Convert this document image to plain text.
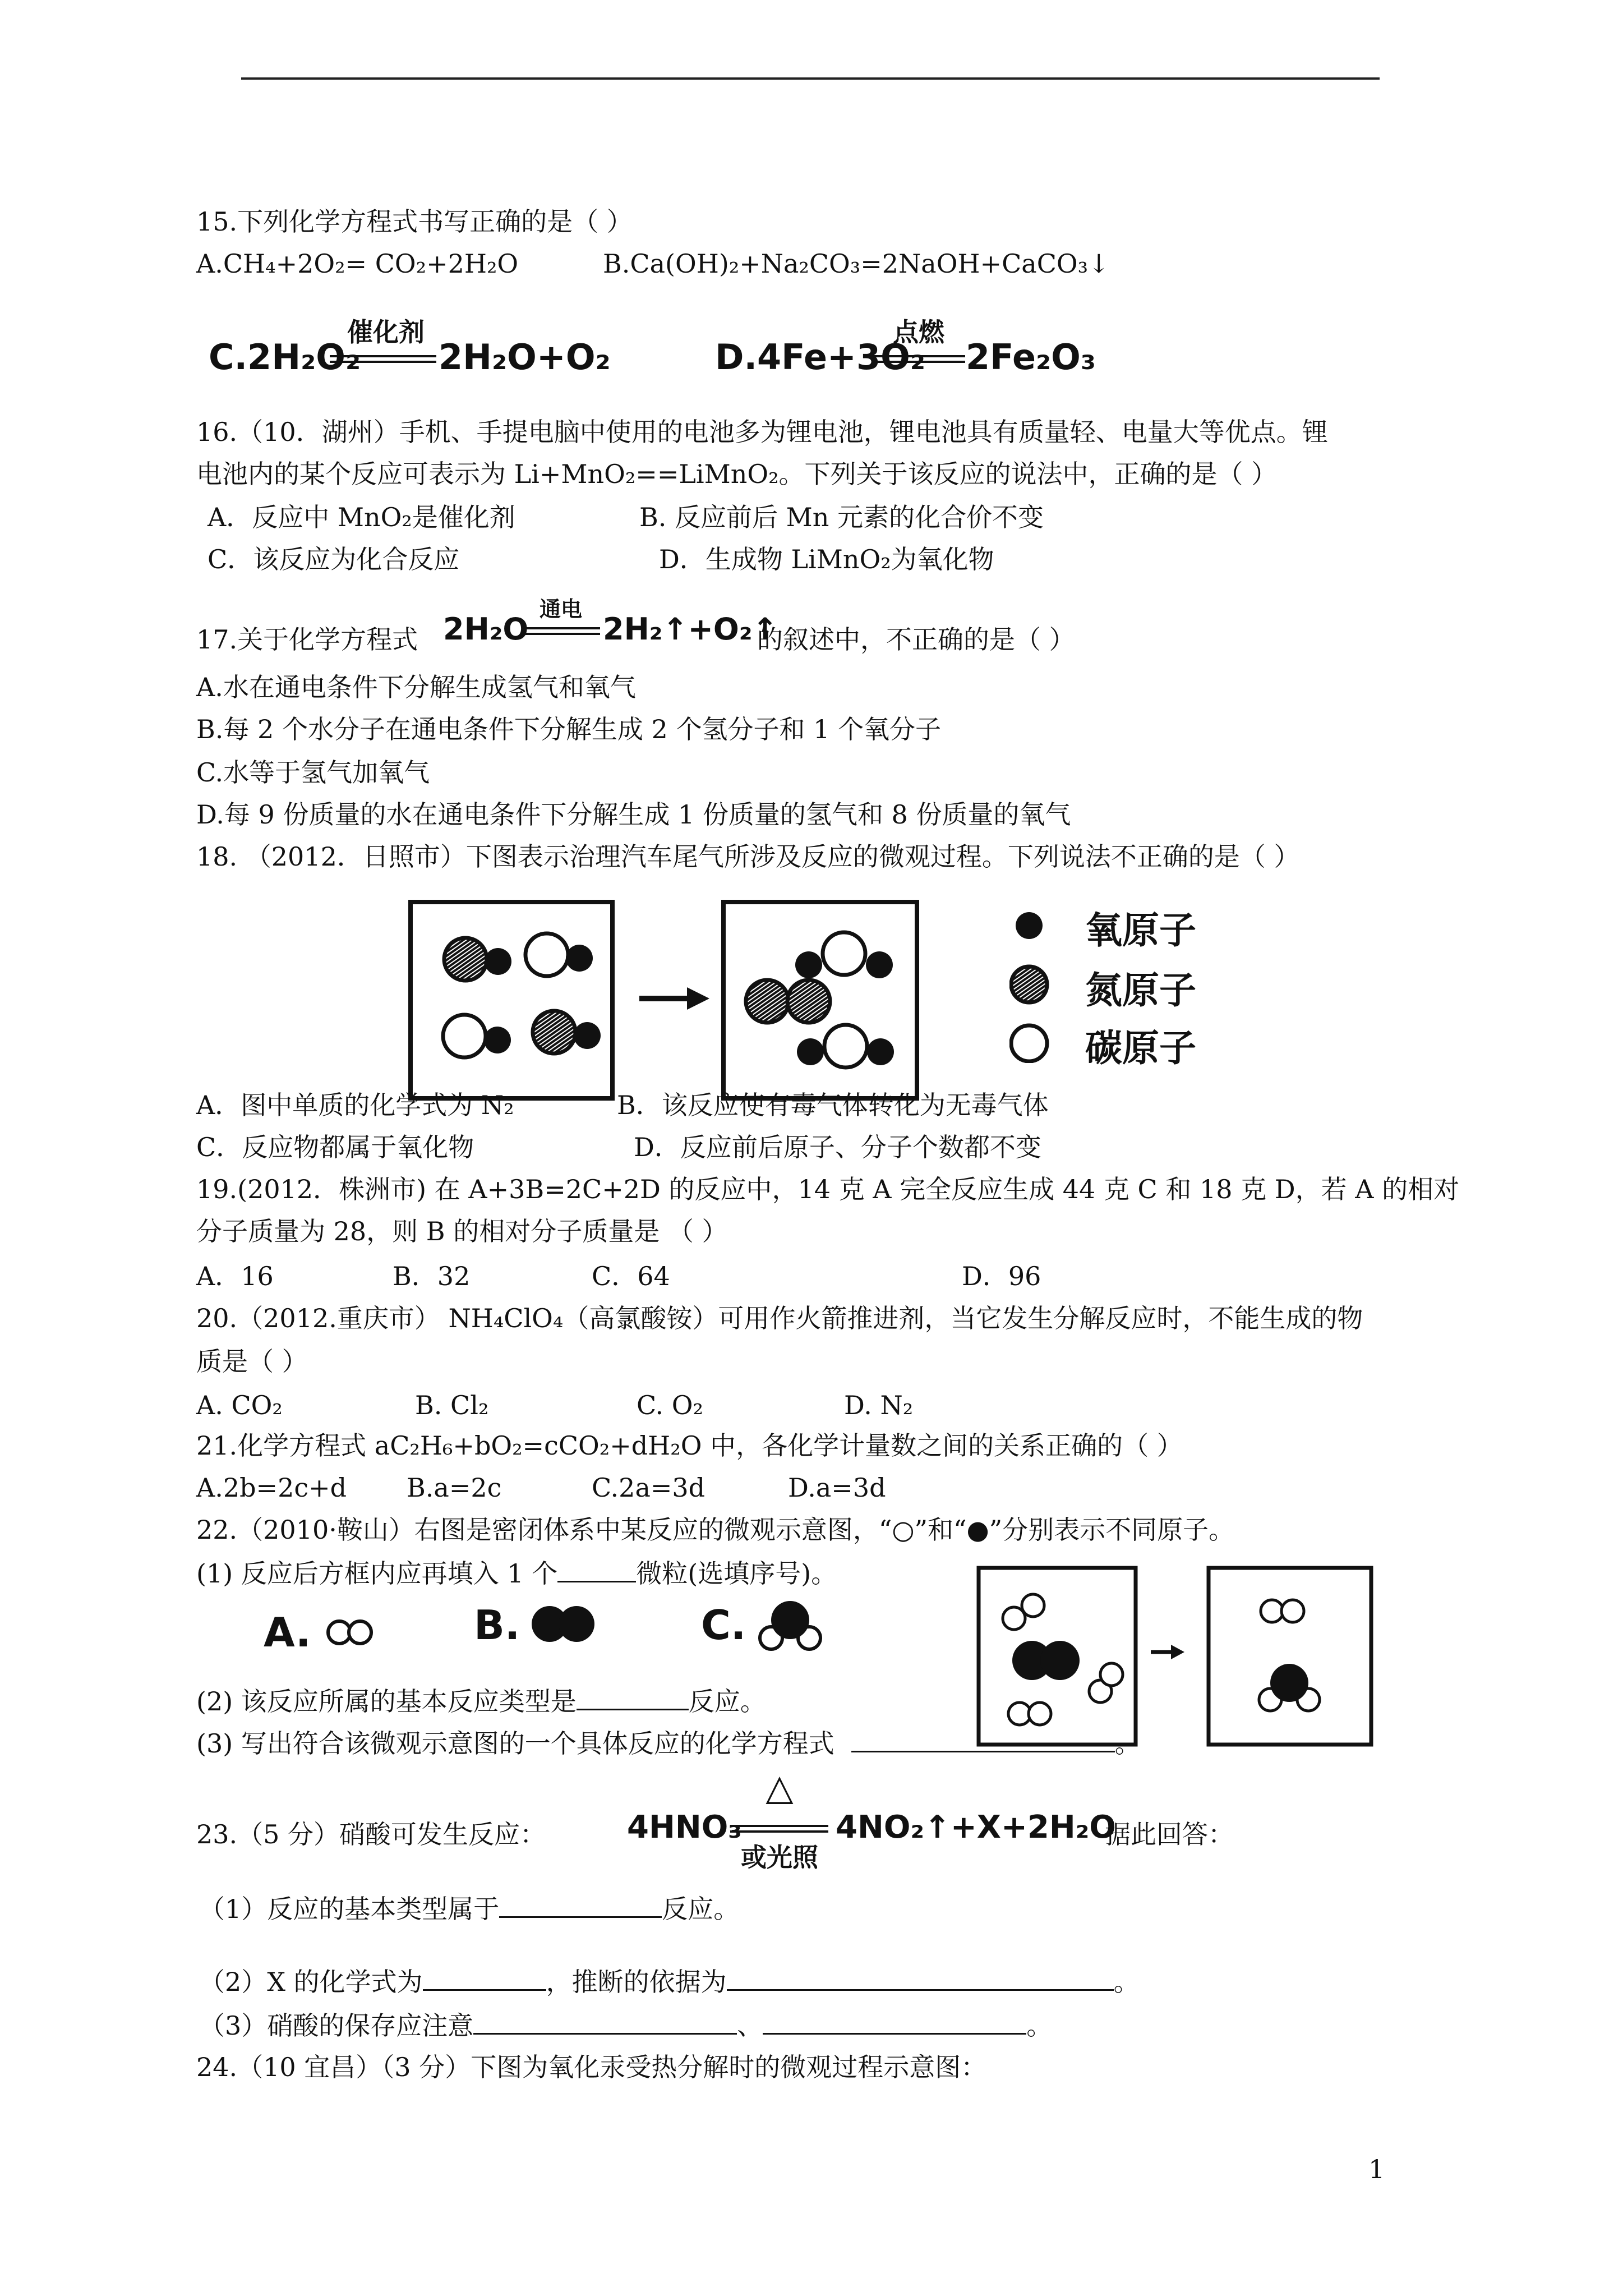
15.下列化学方程式书写正确的是（ ）
A.CH₄+2O₂= CO₂+2H₂O	B.Ca(OH)₂+Na₂CO₃=2NaOH+CaCO₃↓
C.2H₂O₂
催化剂
2H₂O+O₂	D.4Fe+3O₂
点燃
2Fe₂O₃
16.（10．湖州）手机、手提电脑中使用的电池多为锂电池，锂电池具有质量轻、电量大等优点。锂
电池内的某个反应可表示为 Li+MnO₂==LiMnO₂。下列关于该反应的说法中，正确的是（ ）
A．反应中 MnO₂是催化剂	B. 反应前后 Mn 元素的化合价不变
C．该反应为化合反应	D．生成物 LiMnO₂为氧化物
17.关于化学方程式 2H₂O
通电
2H₂↑+O₂↑
的叙述中，不正确的是（ ）
A.水在通电条件下分解生成氢气和氧气
B.每 2 个水分子在通电条件下分解生成 2 个氢分子和 1 个氧分子
C.水等于氢气加氧气
D.每 9 份质量的水在通电条件下分解生成 1 份质量的氢气和 8 份质量的氧气
18. （2012．日照市）下图表示治理汽车尾气所涉及反应的微观过程。下列说法不正确的是（ ）
氧原子
氮原子
碳原子
A．图中单质的化学式为 N₂	B．该反应使有毒气体转化为无毒气体
C．反应物都属于氧化物	D．反应前后原子、分子个数都不变
19.(2012．株洲市) 在 A+3B=2C+2D 的反应中，14 克 A 完全反应生成 44 克 C 和 18 克 D，若 A 的相对
分子质量为 28，则 B 的相对分子质量是 （ ）
A．16	B．32	C．64	D．96
20.（2012.重庆市） NH₄ClO₄（高氯酸铵）可用作火箭推进剂，当它发生分解反应时，不能生成的物
质是（ ）
A. CO₂	B. Cl₂	C. O₂	D. N₂
21.化学方程式 aC₂H₆+bO₂=cCO₂+dH₂O 中，各化学计量数之间的关系正确的（ ）
A.2b=2c+d B.a=2c	C.2a=3d	D.a=3d
22.（2010·鞍山）右图是密闭体系中某反应的微观示意图，“○”和“●”分别表示不同原子。
(1) 反应后方框内应再填入 1 个	微粒(选填序号)。
A.	B.	C.
(2) 该反应所属的基本反应类型是	反应。
(3) 写出符合该微观示意图的一个具体反应的化学方程式	。
23.（5 分）硝酸可发生反应：	4HNO₃
△
或光照
4NO₂↑+X+2H₂O
据此回答：
（1）反应的基本类型属于	反应。
（2）X 的化学式为	，推断的依据为	。
（3）硝酸的保存应注意	、	。
24.（10 宜昌）（3 分）下图为氧化汞受热分解时的微观过程示意图：
1
